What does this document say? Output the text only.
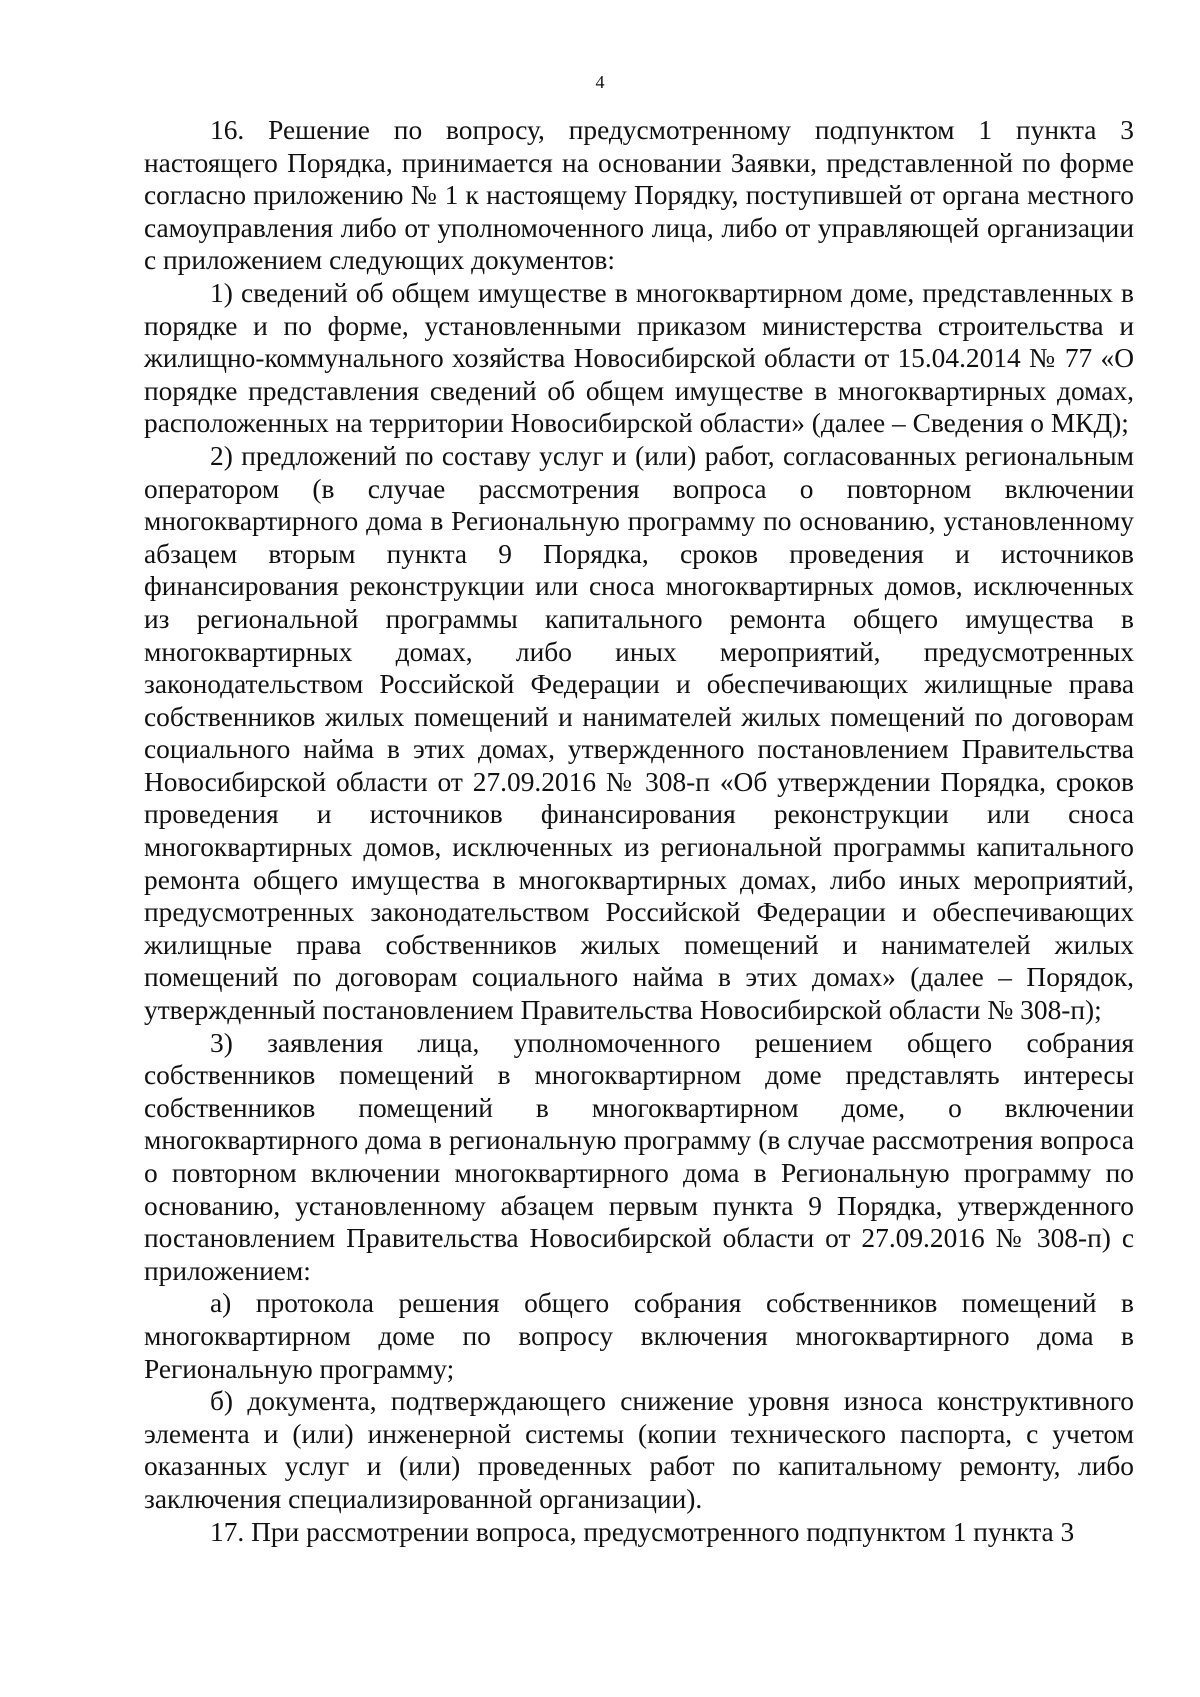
4

16. Решение по вопросу, предусмотренному подпунктом 1 пункта 3 настоящего Порядка, принимается на основании Заявки, представленной по форме согласно приложению № 1 к настоящему Порядку, поступившей от органа местного самоуправления либо от уполномоченного лица, либо от управляющей организации с приложением следующих документов:

1) сведений об общем имуществе в многоквартирном доме, представленных в порядке и по форме, установленными приказом министерства строительства и жилищно-коммунального хозяйства Новосибирской области от 15.04.2014 № 77 «О порядке представления сведений об общем имуществе в многоквартирных домах, расположенных на территории Новосибирской области» (далее – Сведения о МКД);

2) предложений по составу услуг и (или) работ, согласованных региональным оператором (в случае рассмотрения вопроса о повторном включении многоквартирного дома в Региональную программу по основанию, установленному абзацем вторым пункта 9 Порядка, сроков проведения и источников финансирования реконструкции или сноса многоквартирных домов, исключенных из региональной программы капитального ремонта общего имущества в многоквартирных домах, либо иных мероприятий, предусмотренных законодательством Российской Федерации и обеспечивающих жилищные права собственников жилых помещений и нанимателей жилых помещений по договорам социального найма в этих домах, утвержденного постановлением Правительства Новосибирской области от 27.09.2016 № 308-п «Об утверждении Порядка, сроков проведения и источников финансирования реконструкции или сноса многоквартирных домов, исключенных из региональной программы капитального ремонта общего имущества в многоквартирных домах, либо иных мероприятий, предусмотренных законодательством Российской Федерации и обеспечивающих жилищные права собственников жилых помещений и нанимателей жилых помещений по договорам социального найма в этих домах» (далее – Порядок, утвержденный постановлением Правительства Новосибирской области № 308-п);

3) заявления лица, уполномоченного решением общего собрания собственников помещений в многоквартирном доме представлять интересы собственников помещений в многоквартирном доме, о включении многоквартирного дома в региональную программу (в случае рассмотрения вопроса о повторном включении многоквартирного дома в Региональную программу по основанию, установленному абзацем первым пункта 9 Порядка, утвержденного постановлением Правительства Новосибирской области от 27.09.2016 № 308-п) с приложением:

а) протокола решения общего собрания собственников помещений в многоквартирном доме по вопросу включения многоквартирного дома в Региональную программу;

б) документа, подтверждающего снижение уровня износа конструктивного элемента и (или) инженерной системы (копии технического паспорта, с учетом оказанных услуг и (или) проведенных работ по капитальному ремонту, либо заключения специализированной организации).

17. При рассмотрении вопроса, предусмотренного подпунктом 1 пункта 3
